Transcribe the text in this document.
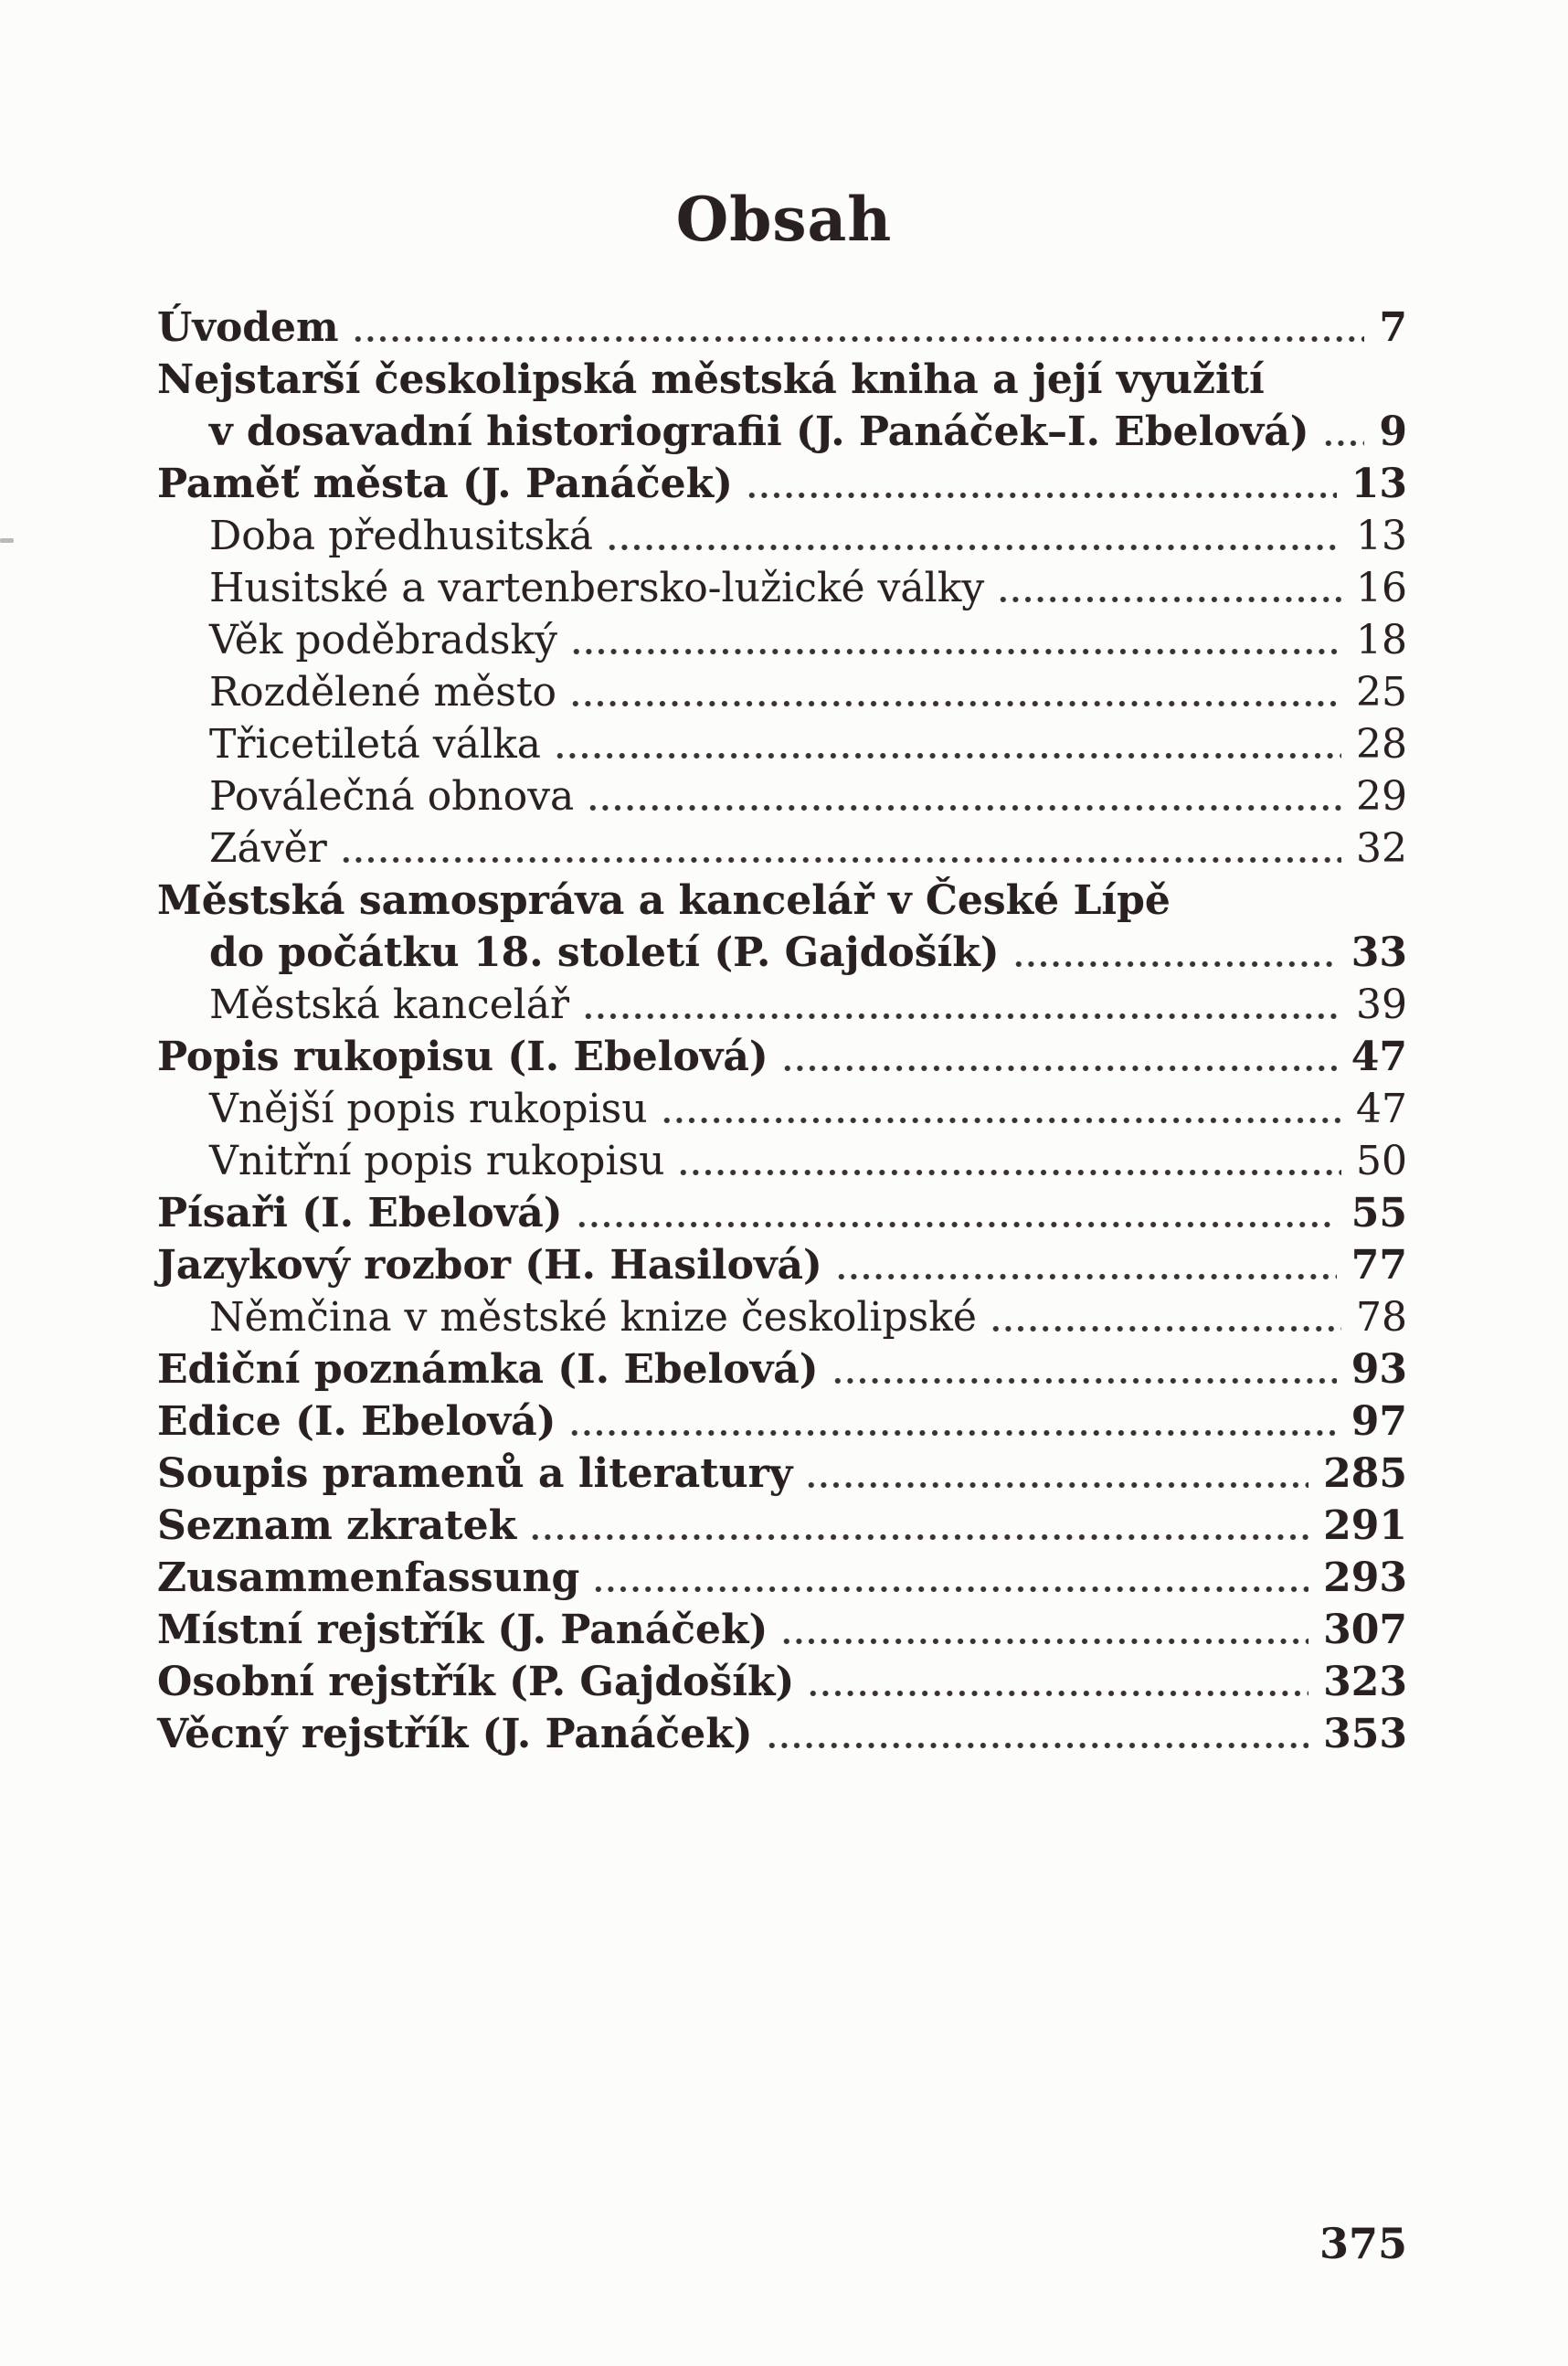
Obsah
Úvodem	7
Nejstarší českolipská městská kniha a její využití
v dosavadní historiografii (J. Panáček–I. Ebelová) 9
Paměť města (J. Panáček)	13
Doba předhusitská	13
Husitské a vartenbersko-lužické války	16
Věk poděbradský	18
Rozdělené město	25
Třicetiletá válka	28
Poválečná obnova	29
Závěr	32
Městská samospráva a kancelář v České Lípě
do počátku 18. století (P. Gajdošík)	33
Městská kancelář	39
Popis rukopisu (I. Ebelová)	47
Vnější popis rukopisu	47
Vnitřní popis rukopisu	50
Písaři (I. Ebelová)	55
Jazykový rozbor (H. Hasilová)	77
Němčina v městské knize českolipské	78
Ediční poznámka (I. Ebelová)	93
Edice (I. Ebelová)	97
Soupis pramenů a literatury	285
Seznam zkratek	291
Zusammenfassung	293
Místní rejstřík (J. Panáček)	307
Osobní rejstřík (P. Gajdošík)	323
Věcný rejstřík (J. Panáček)	353
375
